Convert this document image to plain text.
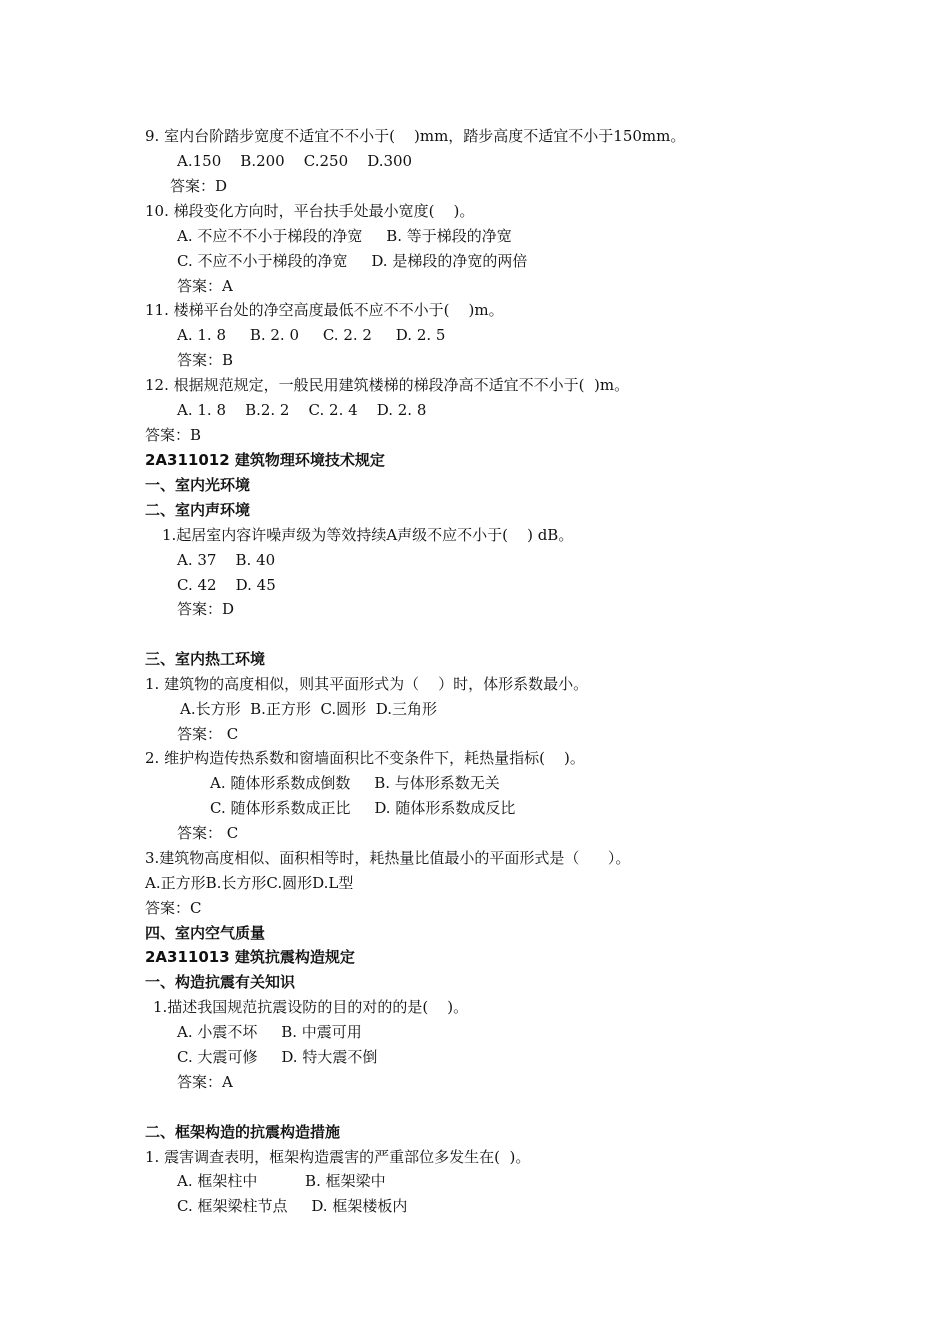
9. 室内台阶踏步宽度不适宜不不小于(    )mm，踏步高度不适宜不小于150mm。
A.150    B.200    C.250    D.300
答案：D
10. 梯段变化方向时，平台扶手处最小宽度(    )。
A. 不应不不小于梯段的净宽     B. 等于梯段的净宽
C. 不应不小于梯段的净宽     D. 是梯段的净宽的两倍
答案：A
11. 楼梯平台处的净空高度最低不应不不小于(    )m。
A. 1. 8     B. 2. 0     C. 2. 2     D. 2. 5
答案：B
12. 根据规范规定，一般民用建筑楼梯的梯段净高不适宜不不小于(  )m。
A. 1. 8    B.2. 2    C. 2. 4    D. 2. 8
答案：B
2A311012 建筑物理环境技术规定
一、室内光环境
二、室内声环境
1.起居室内容许噪声级为等效持续A声级不应不小于(    ) dB。
A. 37    B. 40
C. 42    D. 45
答案：D
三、室内热工环境
1. 建筑物的高度相似，则其平面形式为（    ）时，体形系数最小。
A.长方形  B.正方形  C.圆形  D.三角形
答案： C
2. 维护构造传热系数和窗墙面积比不变条件下，耗热量指标(    )。
A. 随体形系数成倒数     B. 与体形系数无关
C. 随体形系数成正比     D. 随体形系数成反比
答案： C
3.建筑物高度相似、面积相等时，耗热量比值最小的平面形式是（      ）。
A.正方形B.长方形C.圆形D.L型
答案：C
四、室内空气质量
2A311013 建筑抗震构造规定
一、构造抗震有关知识
1.描述我国规范抗震设防的目的对的的是(    )。
A. 小震不坏     B. 中震可用
C. 大震可修     D. 特大震不倒
答案：A
二、框架构造的抗震构造措施
1. 震害调查表明，框架构造震害的严重部位多发生在(  )。
A. 框架柱中          B. 框架梁中
C. 框架梁柱节点     D. 框架楼板内
